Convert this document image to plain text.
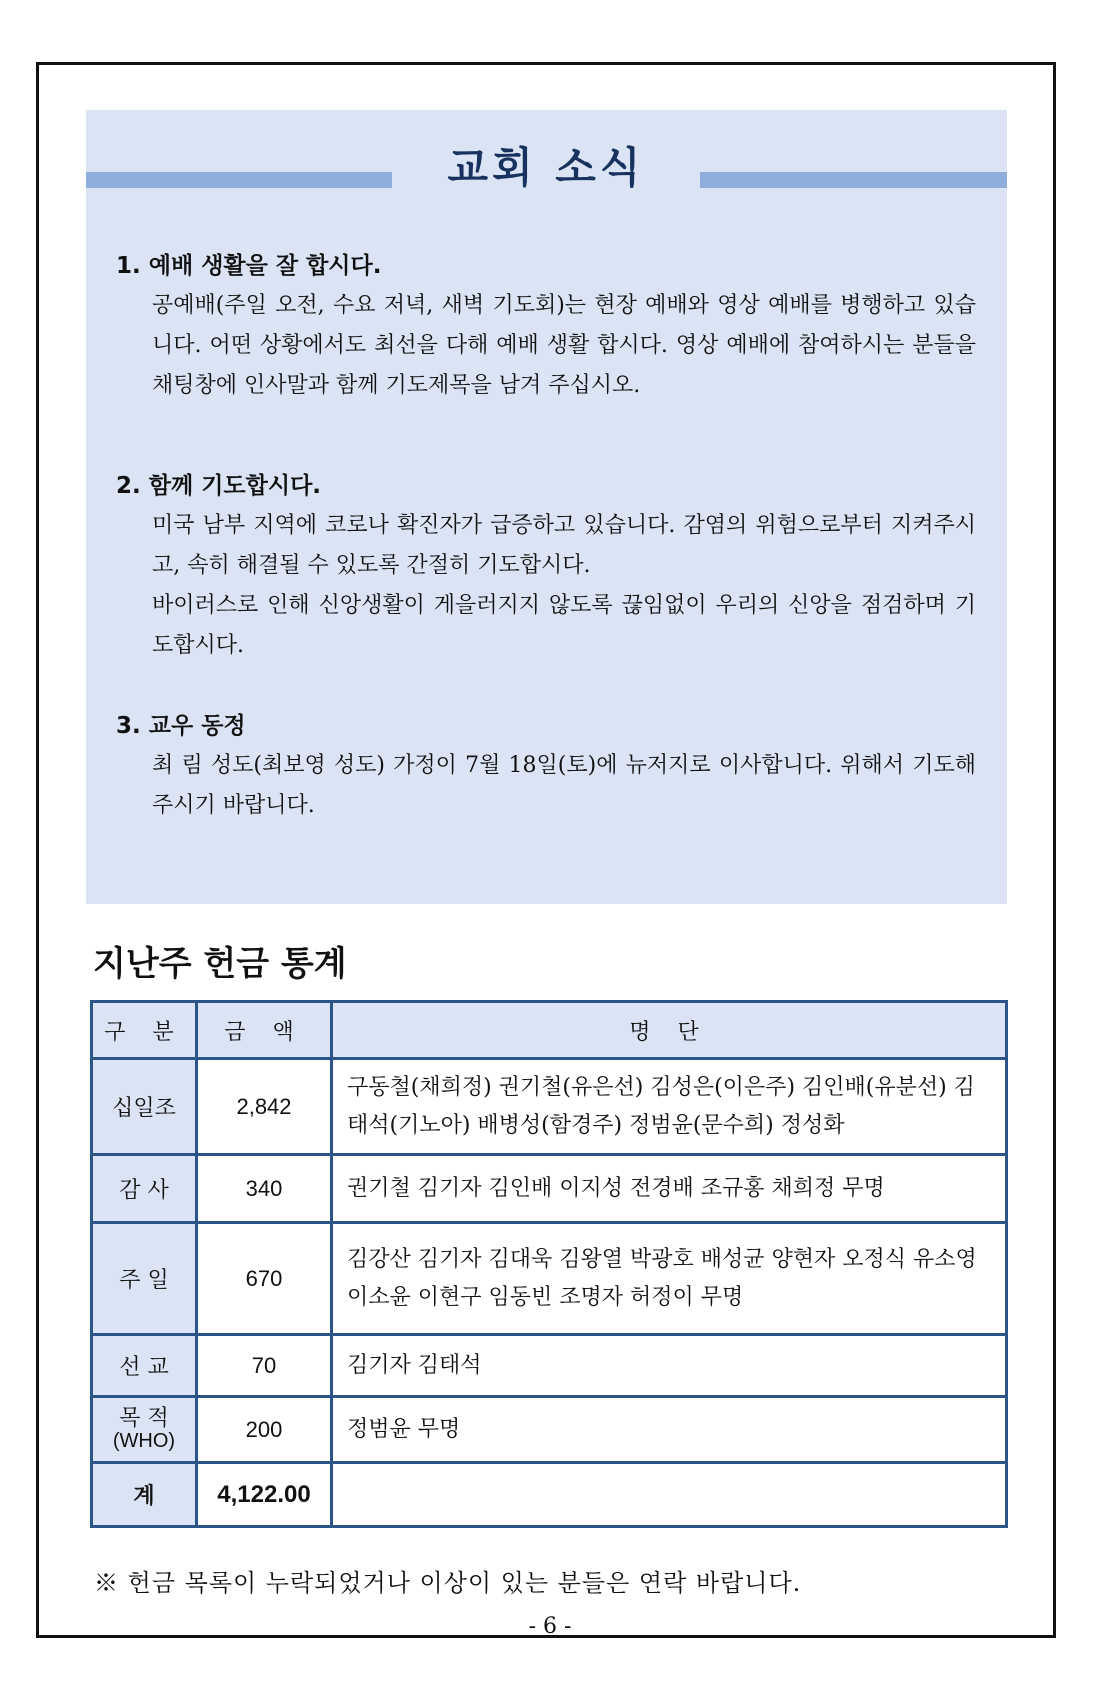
교회 소식
1. 예배 생활을 잘 합시다.

공예배(주일 오전, 수요 저녁, 새벽 기도회)는 현장 예배와 영상 예배를 병행하고 있습니다. 어떤 상황에서도 최선을 다해 예배 생활 합시다. 영상 예배에 참여하시는 분들을 채팅창에 인사말과 함께 기도제목을 남겨 주십시오.

2. 함께 기도합시다.

미국 남부 지역에 코로나 확진자가 급증하고 있습니다. 감염의 위험으로부터 지켜주시고, 속히 해결될 수 있도록 간절히 기도합시다.

바이러스로 인해 신앙생활이 게을러지지 않도록 끊임없이 우리의 신앙을 점검하며 기도합시다.

3. 교우 동정

최 림 성도(최보영 성도) 가정이 7월 18일(토)에 뉴저지로 이사합니다. 위해서 기도해주시기 바랍니다.

지난주 헌금 통계
구 분	금 액	명 단
십일조	2,842	구동철(채희정) 권기철(유은선) 김성은(이은주) 김인배(유분선) 김태석(기노아) 배병성(함경주) 정범윤(문수희) 정성화
감 사	340	권기철 김기자 김인배 이지성 전경배 조규홍 채희정 무명
주 일	670	김강산 김기자 김대욱 김왕열 박광호 배성균 양현자 오정식 유소영 이소윤 이현구 임동빈 조명자 허정이 무명
선 교	70	김기자 김태석

목 적
(WHO)	200	정범윤 무명
계	4,122.00	

※ 헌금 목록이 누락되었거나 이상이 있는 분들은 연락 바랍니다.

- 6 -
